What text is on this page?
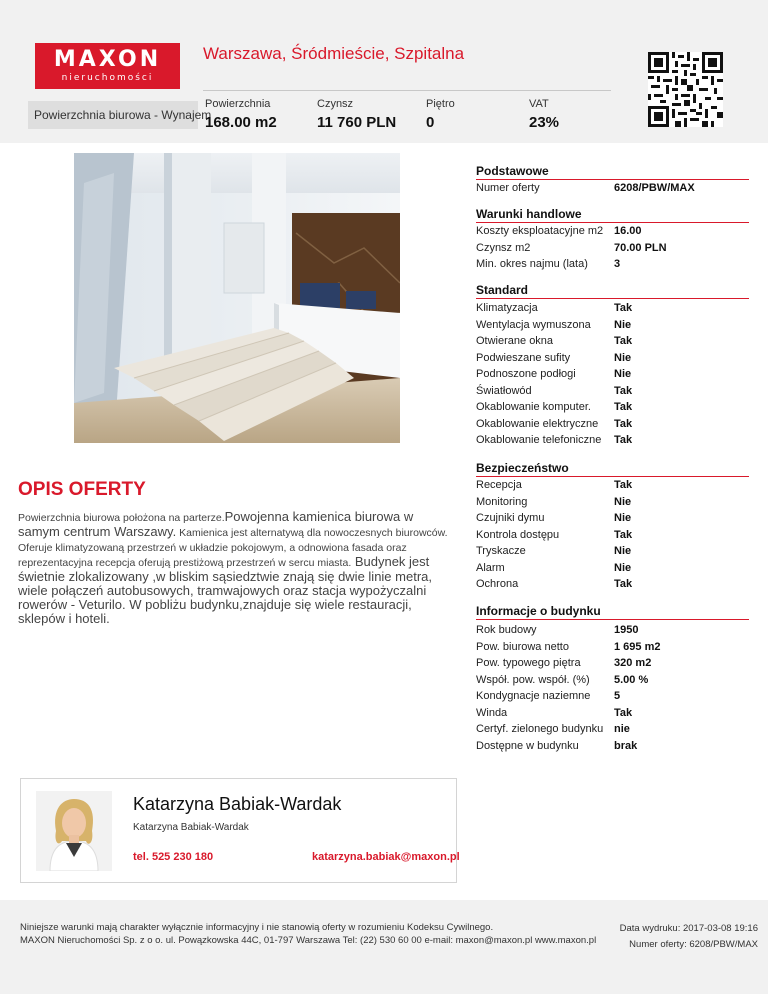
MAXON
nieruchomości
Warszawa, Śródmieście, Szpitalna
Powierzchnia biurowa - Wynajem
Powierzchnia
168.00 m2
Czynsz
11 760 PLN
Piętro
0
VAT
23%
Podstawowe
Numer oferty	6208/PBW/MAX
Warunki handlowe
Koszty eksploatacyjne m2 16.00
Czynsz m2	70.00 PLN
Min. okres najmu (lata) 3
Standard
Klimatyzacja	Tak
Wentylacja wymuszona Nie
Otwierane okna	Tak
Podwieszane sufity	Nie
Podnoszone podłogi	Nie
Światłowód	Tak
Okablowanie komputer. Tak
Okablowanie elektryczne Tak
Okablowanie telefoniczne Tak
Bezpieczeństwo
Recepcja	Tak
Monitoring	Nie
Czujniki dymu	Nie
Kontrola dostępu	Tak
Tryskacze	Nie
Alarm	Nie
Ochrona	Tak
Informacje o budynku
Rok budowy	1950
Pow. biurowa netto	1 695 m2
Pow. typowego piętra	320 m2
Współ. pow. współ. (%) 5.00 %
Kondygnacje naziemne 5
Winda	Tak
Certyf. zielonego budynku nie
Dostępne w budynku	brak
OPIS OFERTY
Powierzchnia biurowa położona na parterze.Powojenna kamienica biurowa w samym centrum Warszawy. Kamienica jest alternatywą dla nowoczesnych biurowców. Oferuje klimatyzowaną przestrzeń w układzie pokojowym, a odnowiona fasada oraz reprezentacyjna recepcja oferują prestiżową przestrzeń w sercu miasta. Budynek jest świetnie zlokalizowany ,w bliskim sąsiedztwie znają się dwie linie metra, wiele połączeń autobusowych, tramwajowych oraz stacja wypożyczalni rowerów - Veturilo. W pobliżu budynku,znajduje się wiele restauracji, sklepów i hoteli.
Katarzyna Babiak-Wardak
Katarzyna Babiak-Wardak
tel. 525 230 180	katarzyna.babiak@maxon.pl
Niniejsze warunki mają charakter wyłącznie informacyjny i nie stanowią oferty w rozumieniu Kodeksu Cywilnego.
MAXON Nieruchomości Sp. z o o. ul. Powązkowska 44C, 01-797 Warszawa Tel: (22) 530 60 00 e-mail: maxon@maxon.pl www.maxon.pl
Data wydruku: 2017-03-08 19:16
Numer oferty: 6208/PBW/MAX
